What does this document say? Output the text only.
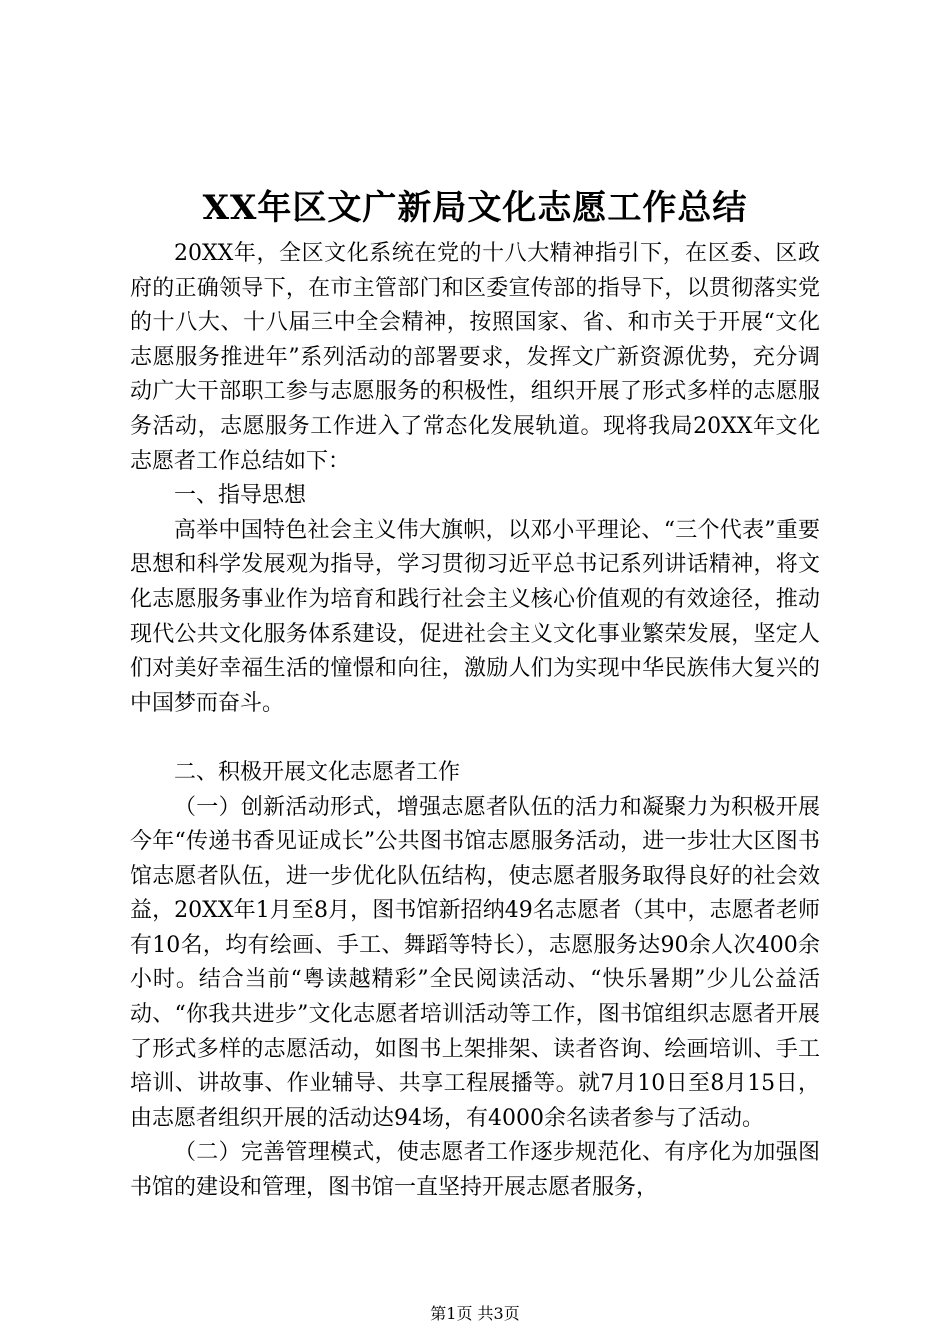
XX年区文广新局文化志愿工作总结

20XX年，全区文化系统在党的十八大精神指引下，在区委、区政府的正确领导下，在市主管部门和区委宣传部的指导下，以贯彻落实党的十八大、十八届三中全会精神，按照国家、省、和市关于开展“文化志愿服务推进年”系列活动的部署要求，发挥文广新资源优势，充分调动广大干部职工参与志愿服务的积极性，组织开展了形式多样的志愿服务活动，志愿服务工作进入了常态化发展轨道。现将我局20XX年文化志愿者工作总结如下：

一、指导思想

高举中国特色社会主义伟大旗帜，以邓小平理论、“三个代表”重要思想和科学发展观为指导，学习贯彻习近平总书记系列讲话精神，将文化志愿服务事业作为培育和践行社会主义核心价值观的有效途径，推动现代公共文化服务体系建设，促进社会主义文化事业繁荣发展，坚定人们对美好幸福生活的憧憬和向往，激励人们为实现中华民族伟大复兴的中国梦而奋斗。

二、积极开展文化志愿者工作

（一）创新活动形式，增强志愿者队伍的活力和凝聚力为积极开展今年“传递书香见证成长”公共图书馆志愿服务活动，进一步壮大区图书馆志愿者队伍，进一步优化队伍结构，使志愿者服务取得良好的社会效益，20XX年1月至8月，图书馆新招纳49名志愿者（其中，志愿者老师有10名，均有绘画、手工、舞蹈等特长），志愿服务达90余人次400余小时。结合当前“粤读越精彩”全民阅读活动、“快乐暑期”少儿公益活动、“你我共进步”文化志愿者培训活动等工作，图书馆组织志愿者开展了形式多样的志愿活动，如图书上架排架、读者咨询、绘画培训、手工培训、讲故事、作业辅导、共享工程展播等。就7月10日至8月15日，由志愿者组织开展的活动达94场，有4000余名读者参与了活动。

（二）完善管理模式，使志愿者工作逐步规范化、有序化为加强图书馆的建设和管理，图书馆一直坚持开展志愿者服务，

第1页 共3页
